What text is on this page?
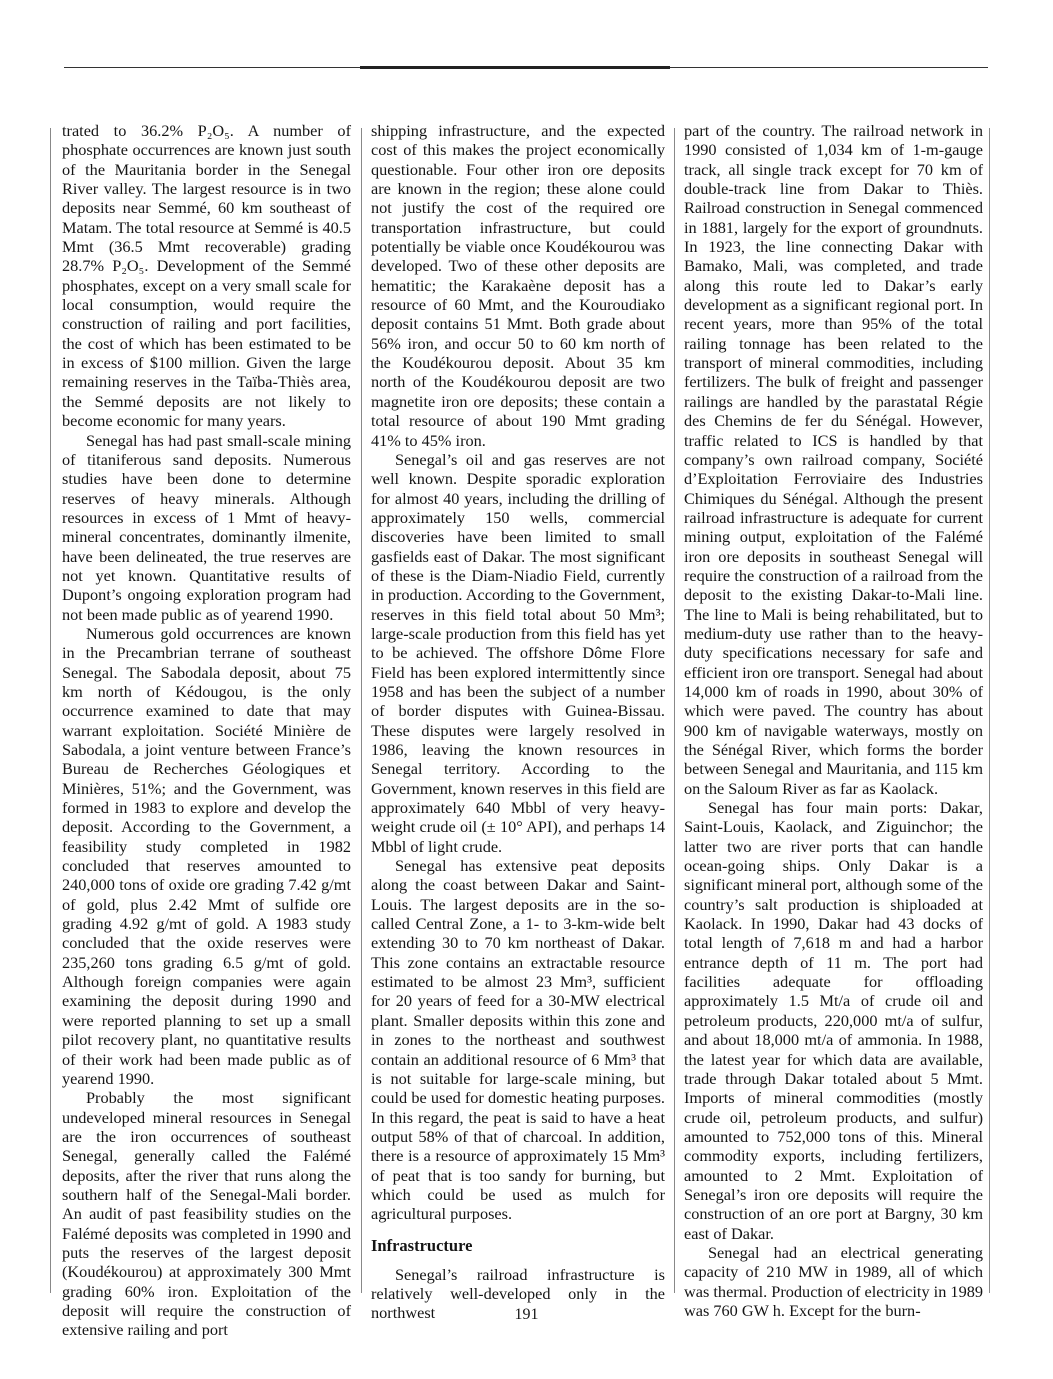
trated to 36.2% P₂O₅. A number of phosphate occurrences are known just south of the Mauritania border in the Senegal River valley. The largest resource is in two deposits near Semmé, 60 km southeast of Matam. The total resource at Semmé is 40.5 Mmt (36.5 Mmt recoverable) grading 28.7% P₂O₅. Development of the Semmé phosphates, except on a very small scale for local consumption, would require the construction of railing and port facilities, the cost of which has been estimated to be in excess of $100 million. Given the large remaining reserves in the Taïba-Thiès area, the Semmé deposits are not likely to become economic for many years.

Senegal has had past small-scale mining of titaniferous sand deposits. Numerous studies have been done to determine reserves of heavy minerals. Although resources in excess of 1 Mmt of heavy-mineral concentrates, dominantly ilmenite, have been delineated, the true reserves are not yet known. Quantitative results of Dupont’s ongoing exploration program had not been made public as of yearend 1990.

Numerous gold occurrences are known in the Precambrian terrane of southeast Senegal. The Sabodala deposit, about 75 km north of Kédougou, is the only occurrence examined to date that may warrant exploitation. Société Minière de Sabodala, a joint venture between France’s Bureau de Recherches Géologiques et Minières, 51%; and the Government, was formed in 1983 to explore and develop the deposit. According to the Government, a feasibility study completed in 1982 concluded that reserves amounted to 240,000 tons of oxide ore grading 7.42 g/mt of gold, plus 2.42 Mmt of sulfide ore grading 4.92 g/mt of gold. A 1983 study concluded that the oxide reserves were 235,260 tons grading 6.5 g/mt of gold. Although foreign companies were again examining the deposit during 1990 and were reported planning to set up a small pilot recovery plant, no quantitative results of their work had been made public as of yearend 1990.

Probably the most significant undeveloped mineral resources in Senegal are the iron occurrences of southeast Senegal, generally called the Falémé deposits, after the river that runs along the southern half of the Senegal-Mali border. An audit of past feasibility studies on the Falémé deposits was completed in 1990 and puts the reserves of the largest deposit (Koudékourou) at approximately 300 Mmt grading 60% iron. Exploitation of the deposit will require the construction of extensive railing and port

shipping infrastructure, and the expected cost of this makes the project economically questionable. Four other iron ore deposits are known in the region; these alone could not justify the cost of the required ore transportation infrastructure, but could potentially be viable once Koudékourou was developed. Two of these other deposits are hematitic; the Karakaène deposit has a resource of 60 Mmt, and the Kouroudiako deposit contains 51 Mmt. Both grade about 56% iron, and occur 50 to 60 km north of the Koudékourou deposit. About 35 km north of the Koudékourou deposit are two magnetite iron ore deposits; these contain a total resource of about 190 Mmt grading 41% to 45% iron.

Senegal’s oil and gas reserves are not well known. Despite sporadic exploration for almost 40 years, including the drilling of approximately 150 wells, commercial discoveries have been limited to small gasfields east of Dakar. The most significant of these is the Diam-Niadio Field, currently in production. According to the Government, reserves in this field total about 50 Mm³; large-scale production from this field has yet to be achieved. The offshore Dôme Flore Field has been explored intermittently since 1958 and has been the subject of a number of border disputes with Guinea-Bissau. These disputes were largely resolved in 1986, leaving the known resources in Senegal territory. According to the Government, known reserves in this field are approximately 640 Mbbl of very heavy-weight crude oil (± 10° API), and perhaps 14 Mbbl of light crude.

Senegal has extensive peat deposits along the coast between Dakar and Saint-Louis. The largest deposits are in the so-called Central Zone, a 1- to 3-km-wide belt extending 30 to 70 km northeast of Dakar. This zone contains an extractable resource estimated to be almost 23 Mm³, sufficient for 20 years of feed for a 30-MW electrical plant. Smaller deposits within this zone and in zones to the northeast and southwest contain an additional resource of 6 Mm³ that is not suitable for large-scale mining, but could be used for domestic heating purposes. In this regard, the peat is said to have a heat output 58% of that of charcoal. In addition, there is a resource of approximately 15 Mm³ of peat that is too sandy for burning, but which could be used as mulch for agricultural purposes.

Infrastructure

Senegal’s railroad infrastructure is relatively well-developed only in the northwest

part of the country. The railroad network in 1990 consisted of 1,034 km of 1-m-gauge track, all single track except for 70 km of double-track line from Dakar to Thiès. Railroad construction in Senegal commenced in 1881, largely for the export of groundnuts. In 1923, the line connecting Dakar with Bamako, Mali, was completed, and trade along this route led to Dakar’s early development as a significant regional port. In recent years, more than 95% of the total railing tonnage has been related to the transport of mineral commodities, including fertilizers. The bulk of freight and passenger railings are handled by the parastatal Régie des Chemins de fer du Sénégal. However, traffic related to ICS is handled by that company’s own railroad company, Société d’Exploitation Ferroviaire des Industries Chimiques du Sénégal. Although the present railroad infrastructure is adequate for current mining output, exploitation of the Falémé iron ore deposits in southeast Senegal will require the construction of a railroad from the deposit to the existing Dakar-to-Mali line. The line to Mali is being rehabilitated, but to medium-duty use rather than to the heavy-duty specifications necessary for safe and efficient iron ore transport. Senegal had about 14,000 km of roads in 1990, about 30% of which were paved. The country has about 900 km of navigable waterways, mostly on the Sénégal River, which forms the border between Senegal and Mauritania, and 115 km on the Saloum River as far as Kaolack.

Senegal has four main ports: Dakar, Saint-Louis, Kaolack, and Ziguinchor; the latter two are river ports that can handle ocean-going ships. Only Dakar is a significant mineral port, although some of the country’s salt production is shiploaded at Kaolack. In 1990, Dakar had 43 docks of total length of 7,618 m and had a harbor entrance depth of 11 m. The port had facilities adequate for offloading approximately 1.5 Mt/a of crude oil and petroleum products, 220,000 mt/a of sulfur, and about 18,000 mt/a of ammonia. In 1988, the latest year for which data are available, trade through Dakar totaled about 5 Mmt. Imports of mineral commodities (mostly crude oil, petroleum products, and sulfur) amounted to 752,000 tons of this. Mineral commodity exports, including fertilizers, amounted to 2 Mmt. Exploitation of Senegal’s iron ore deposits will require the construction of an ore port at Bargny, 30 km east of Dakar.

Senegal had an electrical generating capacity of 210 MW in 1989, all of which was thermal. Production of electricity in 1989 was 760 GW h. Except for the burn-

191
